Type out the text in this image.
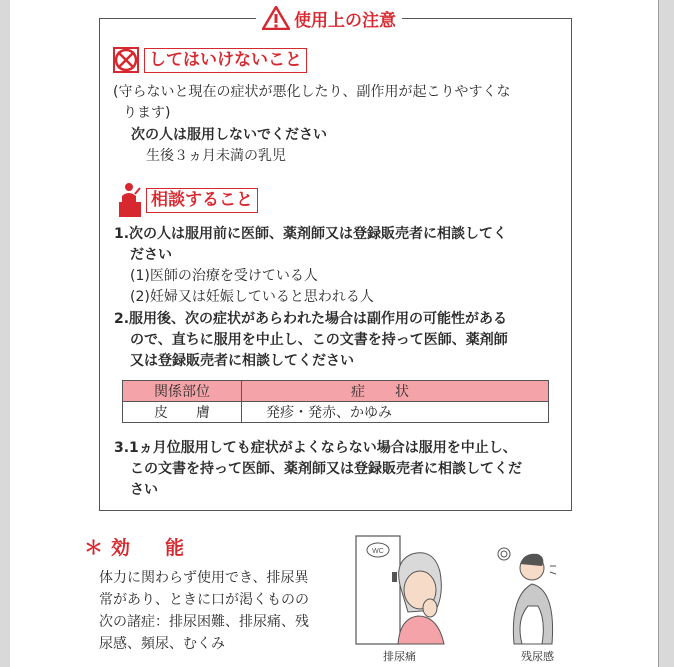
使用上の注意
してはいけないこと
(守らないと現在の症状が悪化したり、副作用が起こりやすくな
ります)
次の人は服用しないでください
生後３ヵ月未満の乳児
相談すること
1.次の人は服用前に医師、薬剤師又は登録販売者に相談してく
ださい
(1)医師の治療を受けている人
(2)妊婦又は妊娠していると思われる人
2.服用後、次の症状があらわれた場合は副作用の可能性がある
ので、直ちに服用を中止し、この文書を持って医師、薬剤師
又は登録販売者に相談してください
関係部位	症状
皮　　膚	発疹・発赤、かゆみ
3.1ヵ月位服用しても症状がよくならない場合は服用を中止し、
この文書を持って医師、薬剤師又は登録販売者に相談してくだ
さい
＊効　能
体力に関わらず使用でき、排尿異
常があり、ときに口が渇くものの
次の諸症：排尿困難、排尿痛、残
尿感、頻尿、むくみ
WC
排尿痛	残尿感
